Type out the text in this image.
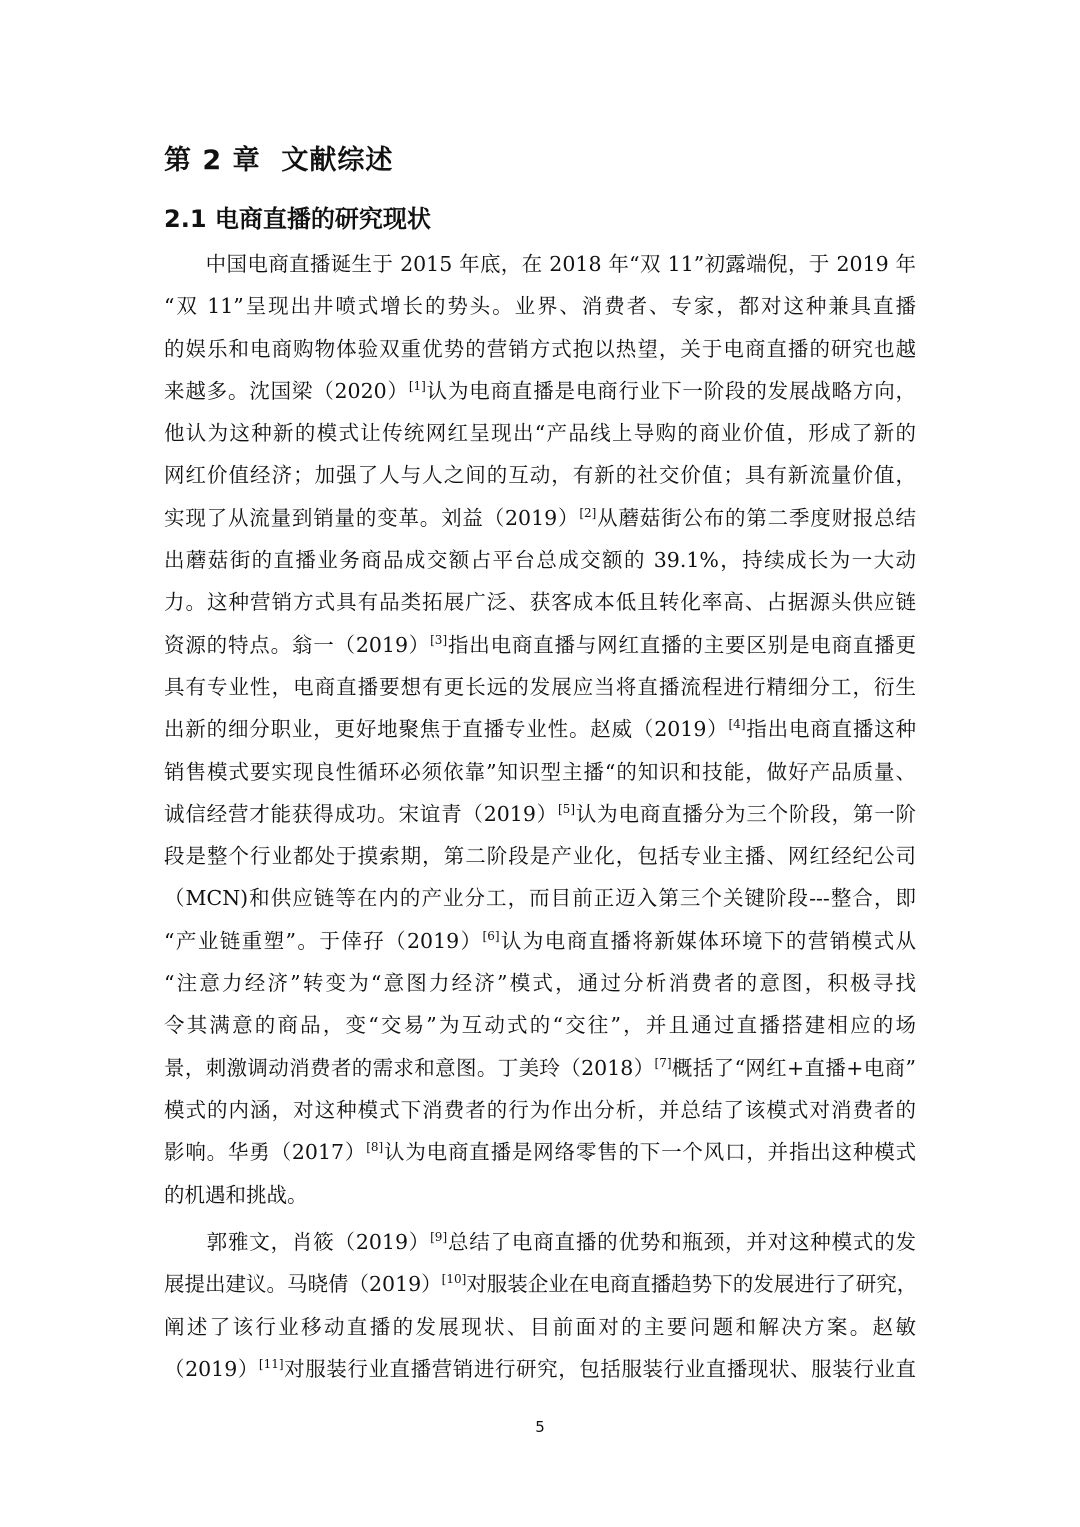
第 2 章  文献综述
2.1 电商直播的研究现状
　　中国电商直播诞生于 2015 年底，在 2018 年“双 11”初露端倪，于 2019 年
“双 11”呈现出井喷式增长的势头。业界、消费者、专家，都对这种兼具直播
的娱乐和电商购物体验双重优势的营销方式抱以热望，关于电商直播的研究也越
来越多。沈国梁（2020）[1]认为电商直播是电商行业下一阶段的发展战略方向，
他认为这种新的模式让传统网红呈现出“产品线上导购的商业价值，形成了新的
网红价值经济；加强了人与人之间的互动，有新的社交价值；具有新流量价值，
实现了从流量到销量的变革。刘益（2019）[2]从蘑菇街公布的第二季度财报总结
出蘑菇街的直播业务商品成交额占平台总成交额的 39.1%，持续成长为一大动
力。这种营销方式具有品类拓展广泛、获客成本低且转化率高、占据源头供应链
资源的特点。翁一（2019）[3]指出电商直播与网红直播的主要区别是电商直播更
具有专业性，电商直播要想有更长远的发展应当将直播流程进行精细分工，衍生
出新的细分职业，更好地聚焦于直播专业性。赵威（2019）[4]指出电商直播这种
销售模式要实现良性循环必须依靠”知识型主播“的知识和技能，做好产品质量、
诚信经营才能获得成功。宋谊青（2019）[5]认为电商直播分为三个阶段，第一阶
段是整个行业都处于摸索期，第二阶段是产业化，包括专业主播、网红经纪公司
（MCN)和供应链等在内的产业分工，而目前正迈入第三个关键阶段---整合，即
“产业链重塑”。于倖孖（2019）[6]认为电商直播将新媒体环境下的营销模式从
“注意力经济”转变为“意图力经济”模式，通过分析消费者的意图，积极寻找
令其满意的商品，变“交易”为互动式的“交往”，并且通过直播搭建相应的场
景，刺激调动消费者的需求和意图。丁美玲（2018）[7]概括了“网红+直播+电商”
模式的内涵，对这种模式下消费者的行为作出分析，并总结了该模式对消费者的
影响。华勇（2017）[8]认为电商直播是网络零售的下一个风口，并指出这种模式
的机遇和挑战。
　　郭雅文，肖筱（2019）[9]总结了电商直播的优势和瓶颈，并对这种模式的发
展提出建议。马晓倩（2019）[10]对服装企业在电商直播趋势下的发展进行了研究，
阐述了该行业移动直播的发展现状、目前面对的主要问题和解决方案。赵敏
（2019）[11]对服装行业直播营销进行研究，包括服装行业直播现状、服装行业直
5
